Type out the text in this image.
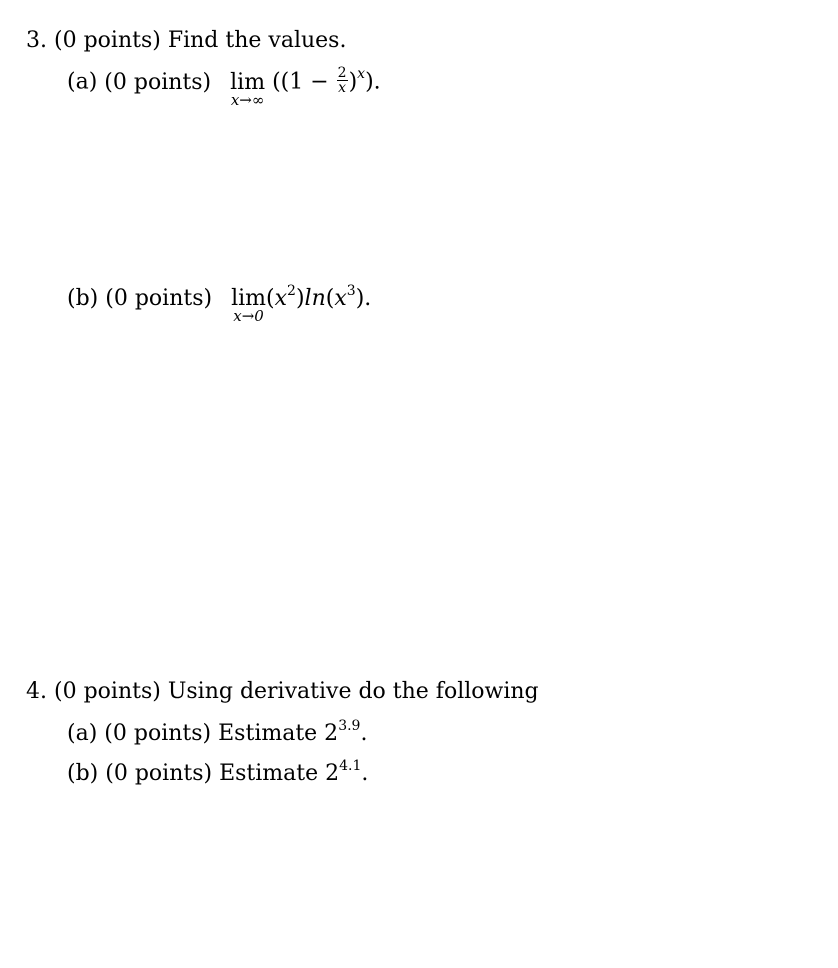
3. (0 points) Find the values.
(a) (0 points) lim
x→∞
$((1 - \frac{2}{x} )^x)$.
(b) (0 points) lim
x→0
$(x^2)\ln(x^3)$.
4. (0 points) Using derivative do the following
(a) (0 points) Estimate $2^{3.9}$.
(b) (0 points) Estimate $2^{4.1}$.
